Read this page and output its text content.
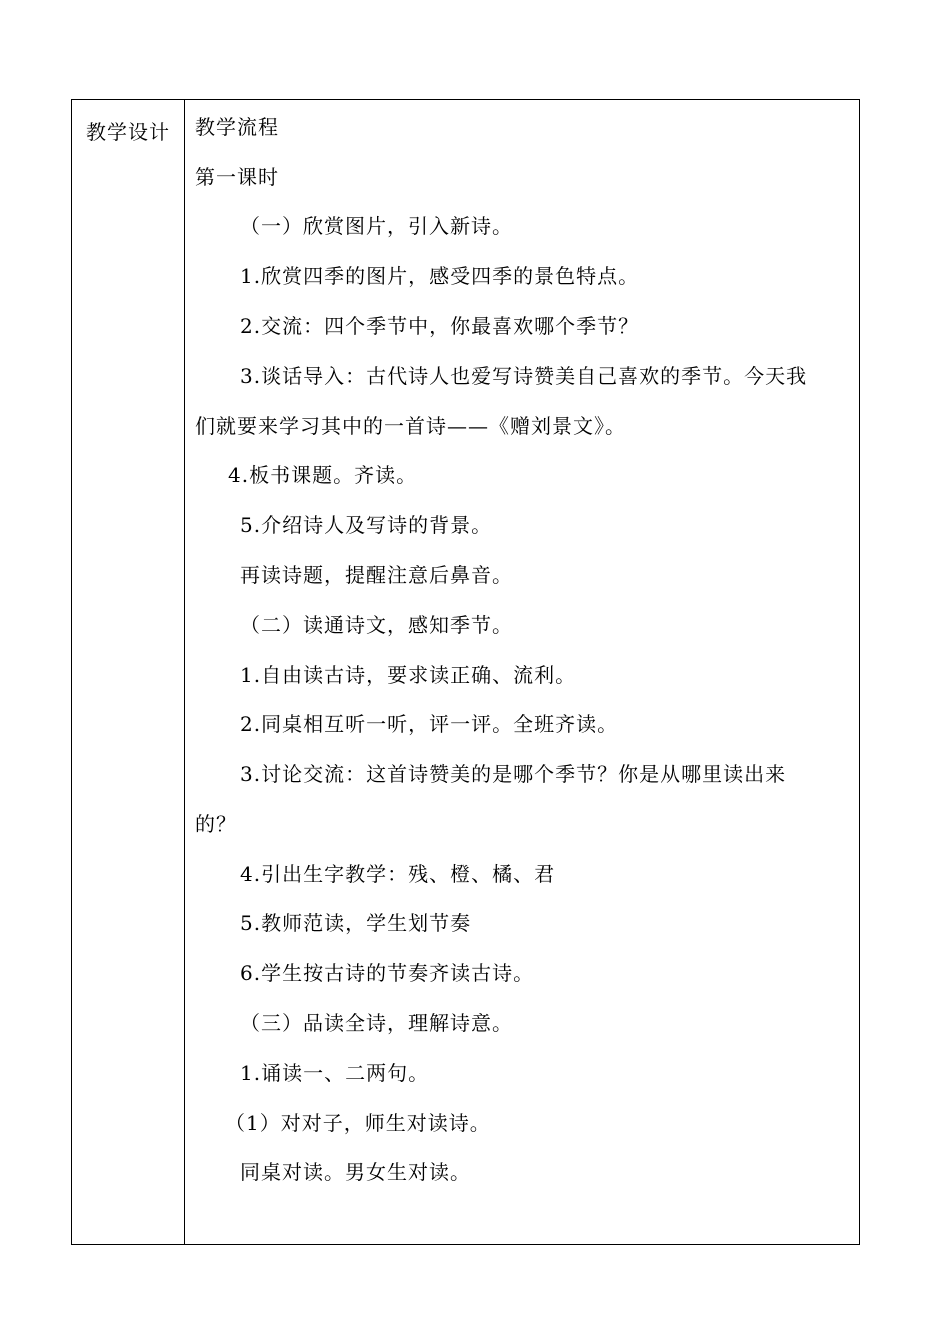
教学设计 教学流程
第一课时
（一）欣赏图片，引入新诗。
1.欣赏四季的图片，感受四季的景色特点。
2.交流：四个季节中，你最喜欢哪个季节？
3.谈话导入：古代诗人也爱写诗赞美自己喜欢的季节。今天我
们就要来学习其中的一首诗——《赠刘景文》。
4.板书课题。齐读。
5.介绍诗人及写诗的背景。
再读诗题，提醒注意后鼻音。
（二）读通诗文，感知季节。
1.自由读古诗，要求读正确、流利。
2.同桌相互听一听，评一评。全班齐读。
3.讨论交流：这首诗赞美的是哪个季节？你是从哪里读出来
的？
4.引出生字教学：残、橙、橘、君
5.教师范读，学生划节奏
6.学生按古诗的节奏齐读古诗。
（三）品读全诗，理解诗意。
1.诵读一、二两句。
（1）对对子，师生对读诗。
同桌对读。男女生对读。
